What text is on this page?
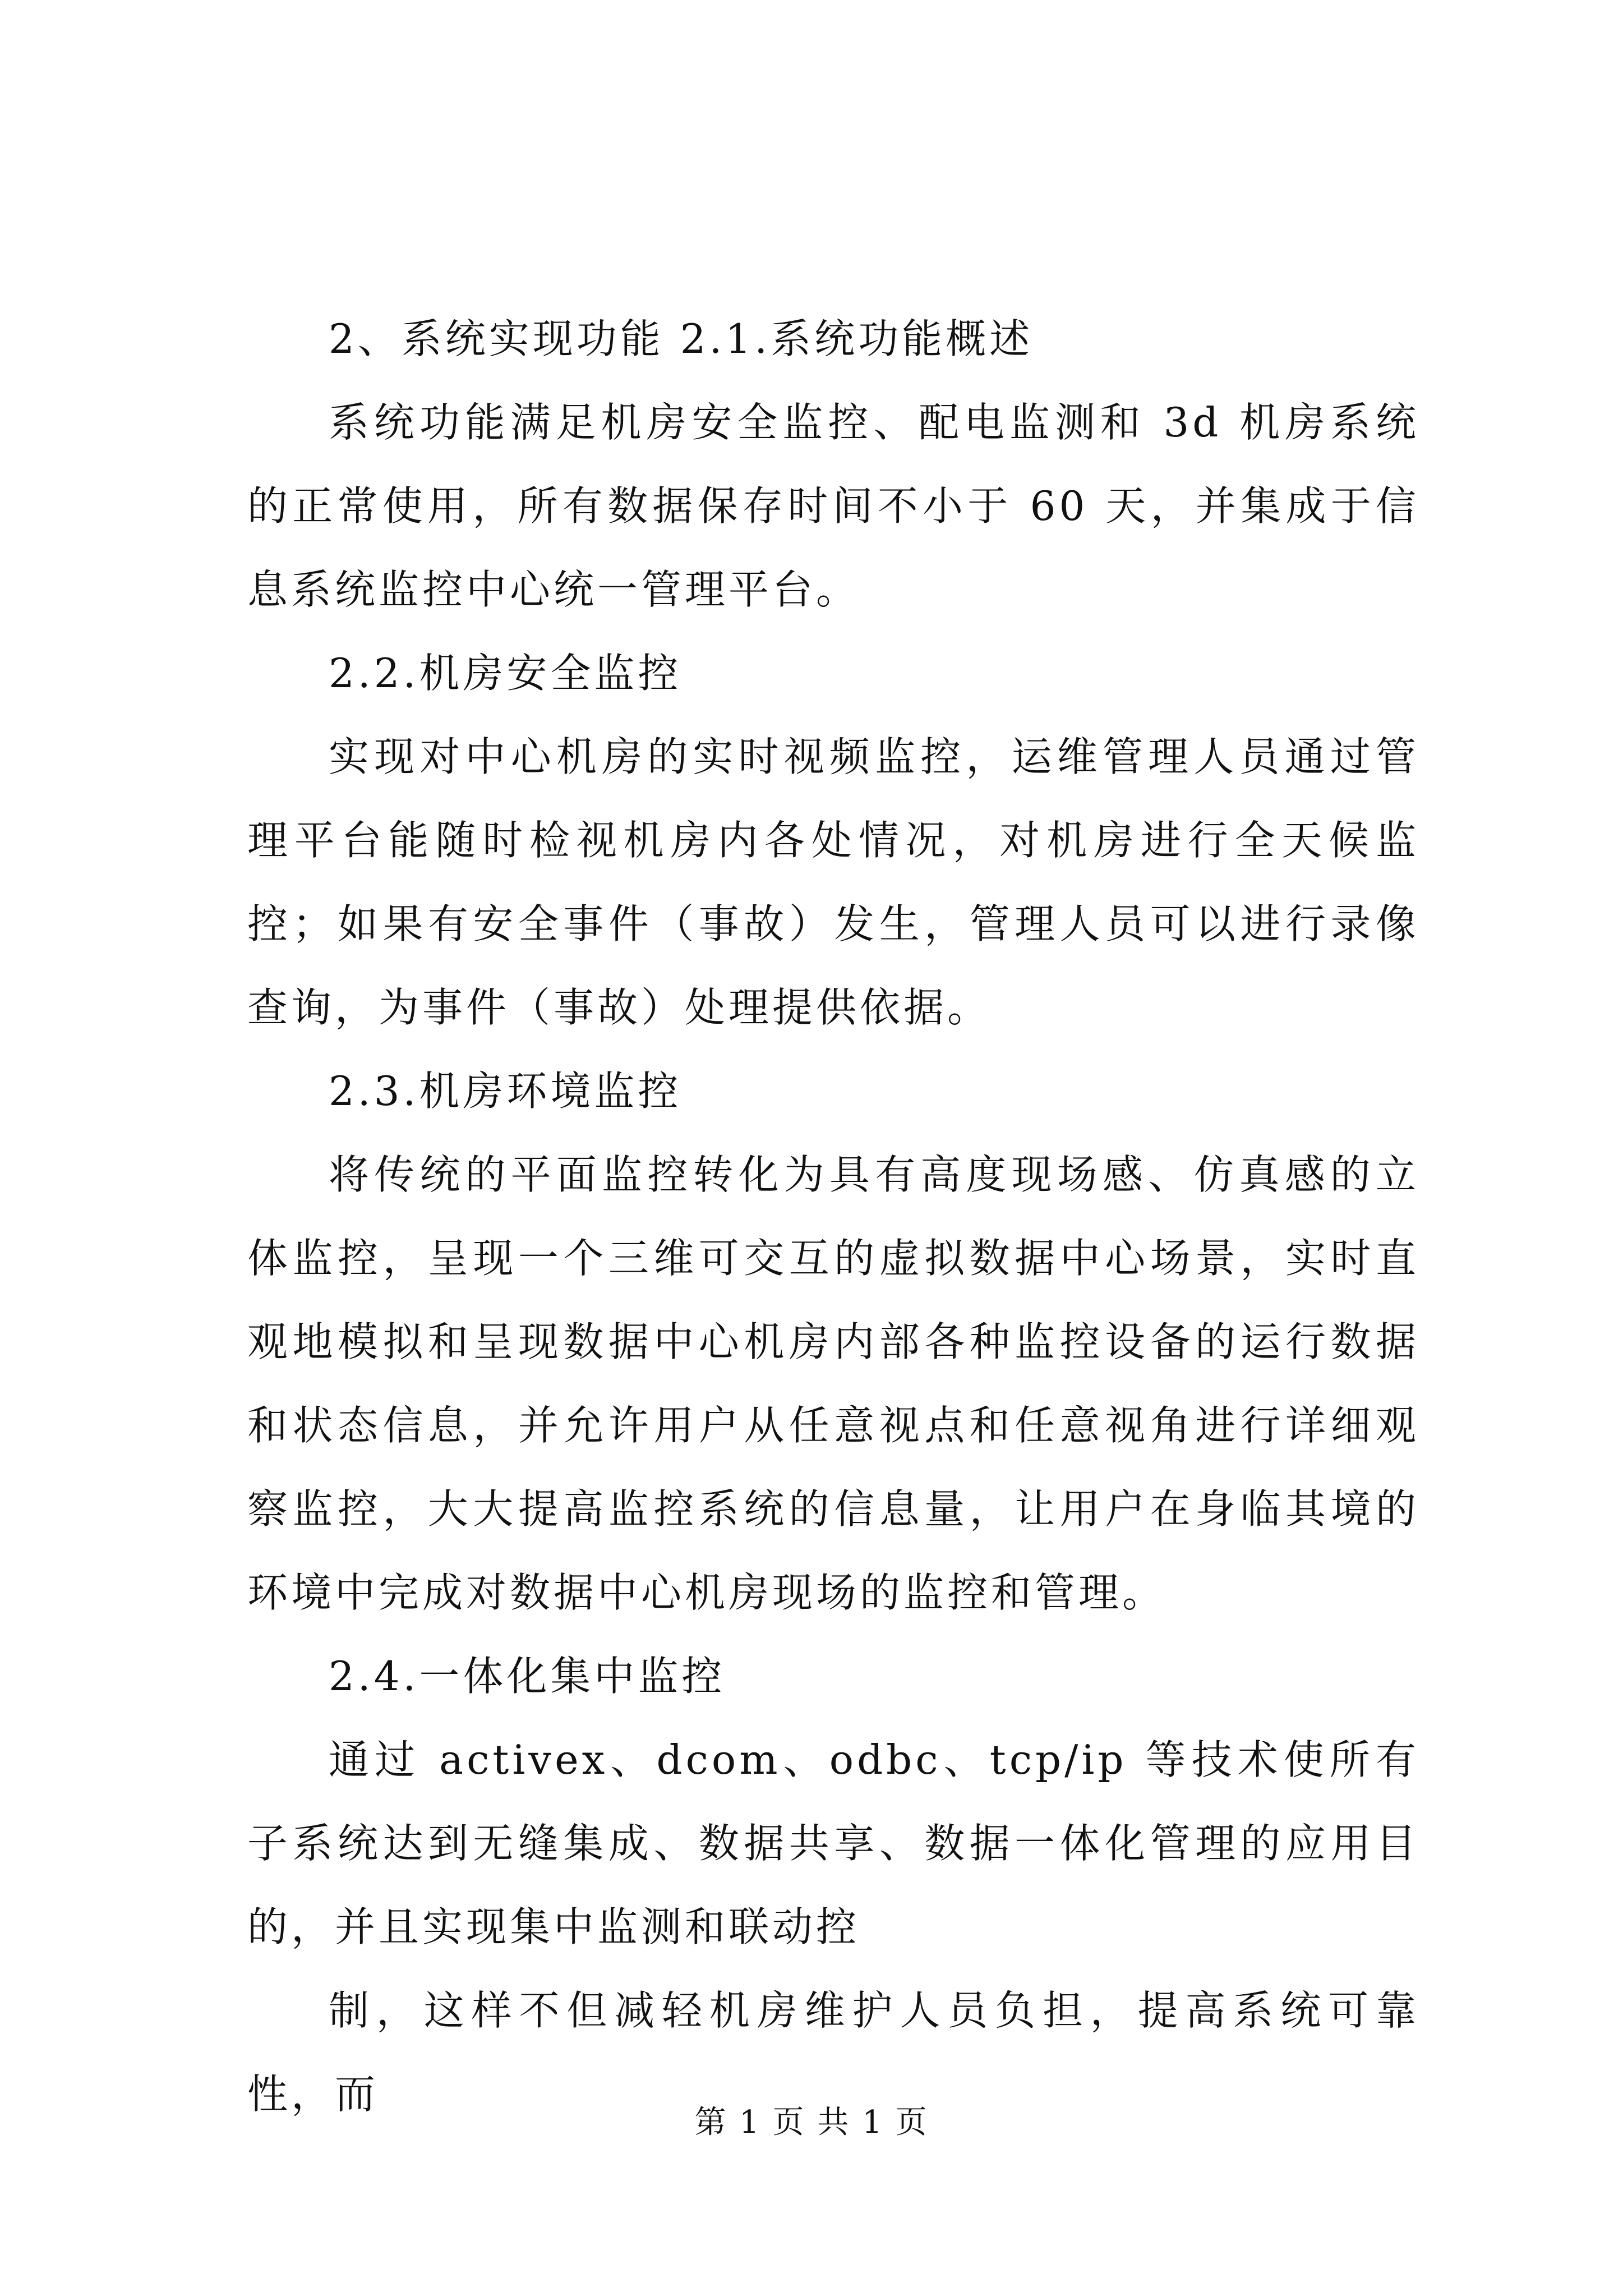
2、系统实现功能 2.1.系统功能概述

系统功能满足机房安全监控、配电监测和 3d 机房系统的正常使用，所有数据保存时间不小于 60 天，并集成于信息系统监控中心统一管理平台。

2.2.机房安全监控

实现对中心机房的实时视频监控，运维管理人员通过管理平台能随时检视机房内各处情况，对机房进行全天候监控；如果有安全事件（事故）发生，管理人员可以进行录像查询，为事件（事故）处理提供依据。

2.3.机房环境监控

将传统的平面监控转化为具有高度现场感、仿真感的立体监控，呈现一个三维可交互的虚拟数据中心场景，实时直观地模拟和呈现数据中心机房内部各种监控设备的运行数据和状态信息，并允许用户从任意视点和任意视角进行详细观察监控，大大提高监控系统的信息量，让用户在身临其境的环境中完成对数据中心机房现场的监控和管理。

2.4.一体化集中监控

通过 activex、dcom、odbc、tcp/ip 等技术使所有子系统达到无缝集成、数据共享、数据一体化管理的应用目的，并且实现集中监测和联动控

制，这样不但减轻机房维护人员负担，提高系统可靠性，而

第 1 页 共 1 页
